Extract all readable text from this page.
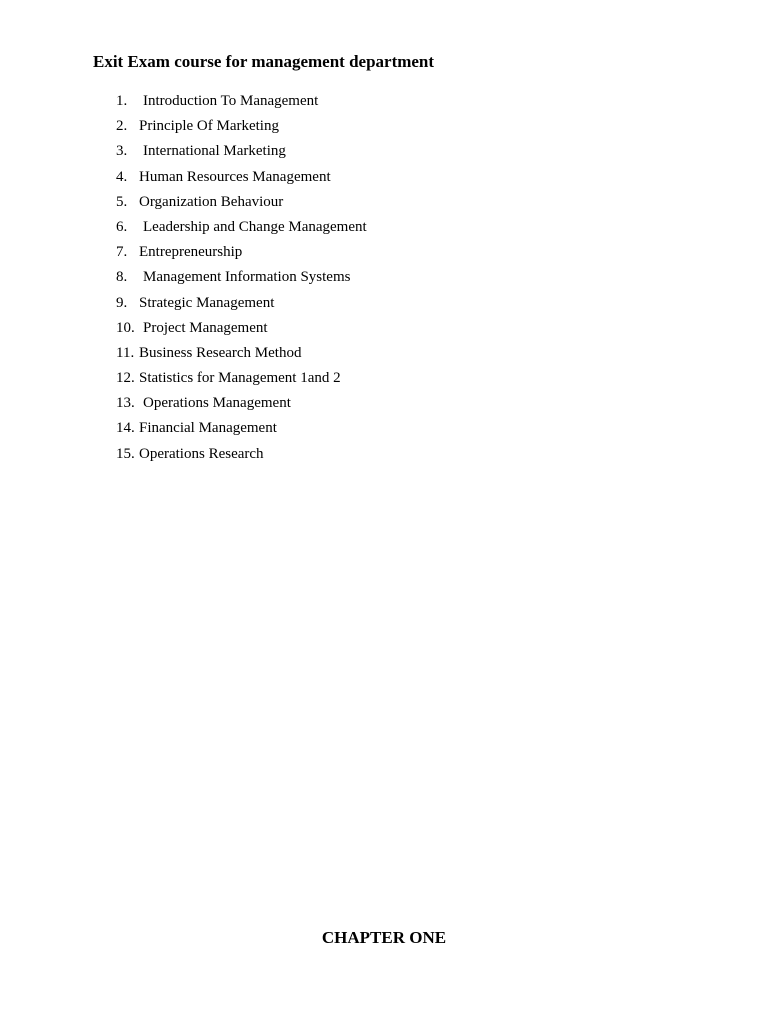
Exit Exam course for management department
1.	Introduction To Management
2. Principle Of Marketing
3.	International Marketing
4. Human Resources Management
5. Organization Behaviour
6.	Leadership and Change Management
7. Entrepreneurship
8.	Management Information Systems
9. Strategic Management
10. Project Management
11. Business Research Method
12. Statistics for Management 1and 2
13. Operations Management
14. Financial Management
15. Operations Research
CHAPTER ONE
